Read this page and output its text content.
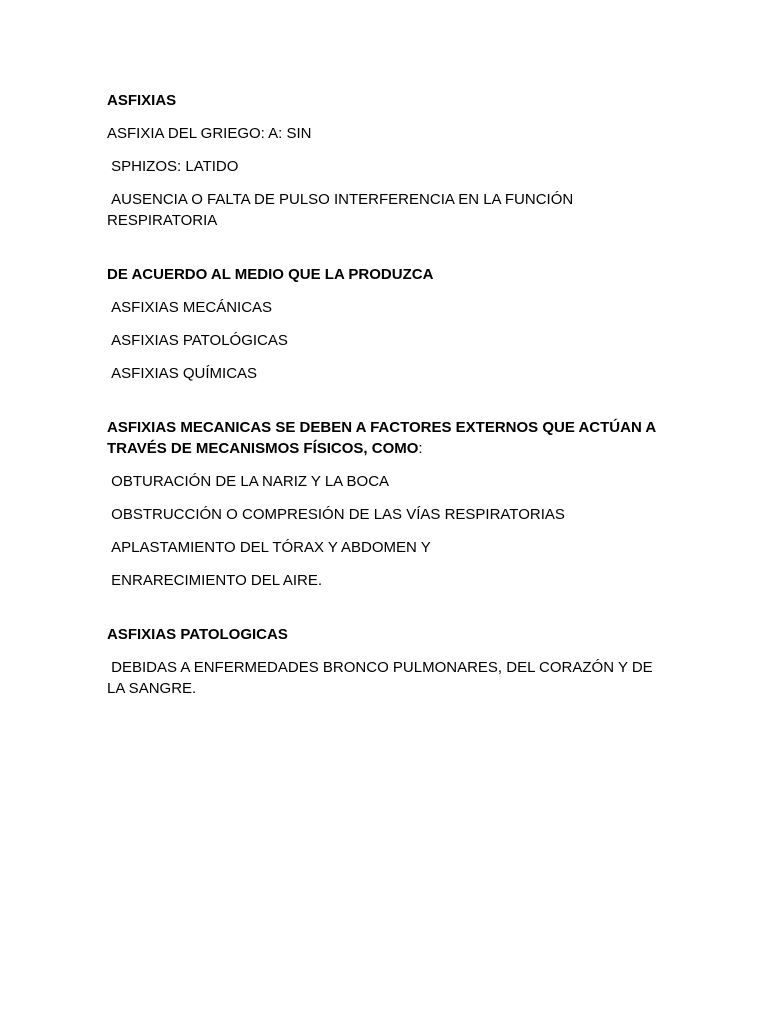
ASFIXIAS
ASFIXIA DEL GRIEGO: A: SIN
SPHIZOS: LATIDO
AUSENCIA O FALTA DE PULSO INTERFERENCIA EN LA FUNCIÓN RESPIRATORIA
DE ACUERDO AL MEDIO QUE LA PRODUZCA
ASFIXIAS MECÁNICAS
ASFIXIAS PATOLÓGICAS
ASFIXIAS QUÍMICAS
ASFIXIAS MECANICAS SE DEBEN A FACTORES EXTERNOS QUE ACTÚAN A TRAVÉS DE MECANISMOS FÍSICOS, COMO:
OBTURACIÓN DE LA NARIZ Y LA BOCA
OBSTRUCCIÓN O COMPRESIÓN DE LAS VÍAS RESPIRATORIAS
APLASTAMIENTO DEL TÓRAX Y ABDOMEN Y
ENRARECIMIENTO DEL AIRE.
ASFIXIAS PATOLOGICAS
DEBIDAS A ENFERMEDADES BRONCO PULMONARES, DEL CORAZÓN Y DE LA SANGRE.
